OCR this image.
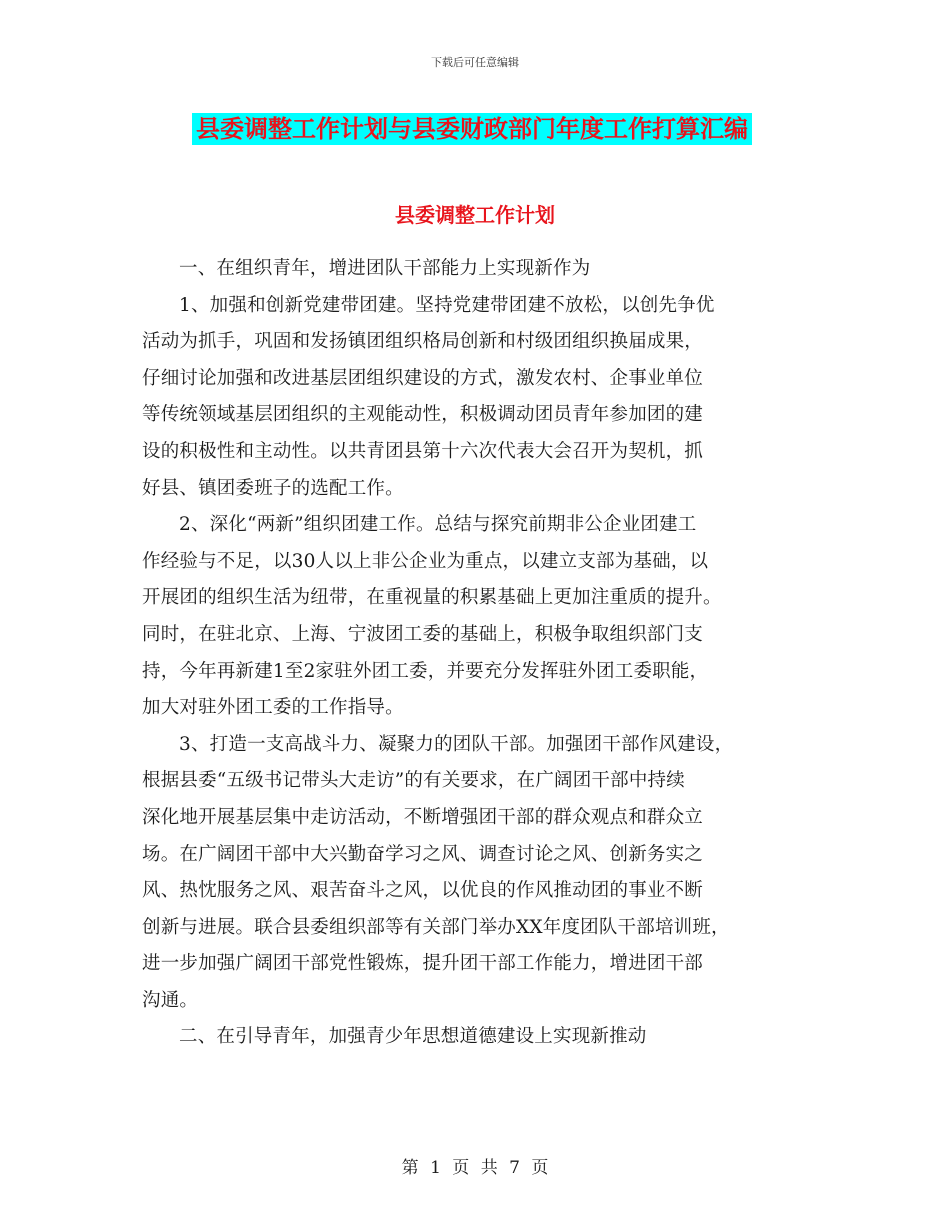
下载后可任意编辑
县委调整工作计划与县委财政部门年度工作打算汇编
县委调整工作计划
一、在组织青年，增进团队干部能力上实现新作为
1、加强和创新党建带团建。坚持党建带团建不放松，以创先争优
活动为抓手，巩固和发扬镇团组织格局创新和村级团组织换届成果，
仔细讨论加强和改进基层团组织建设的方式，激发农村、企事业单位
等传统领域基层团组织的主观能动性，积极调动团员青年参加团的建
设的积极性和主动性。以共青团县第十六次代表大会召开为契机，抓
好县、镇团委班子的选配工作。
2、深化“两新”组织团建工作。总结与探究前期非公企业团建工
作经验与不足，以30人以上非公企业为重点，以建立支部为基础，以
开展团的组织生活为纽带，在重视量的积累基础上更加注重质的提升。
同时，在驻北京、上海、宁波团工委的基础上，积极争取组织部门支
持，今年再新建1至2家驻外团工委，并要充分发挥驻外团工委职能，
加大对驻外团工委的工作指导。
3、打造一支高战斗力、凝聚力的团队干部。加强团干部作风建设，
根据县委“五级书记带头大走访”的有关要求，在广阔团干部中持续
深化地开展基层集中走访活动，不断增强团干部的群众观点和群众立
场。在广阔团干部中大兴勤奋学习之风、调查讨论之风、创新务实之
风、热忱服务之风、艰苦奋斗之风，以优良的作风推动团的事业不断
创新与进展。联合县委组织部等有关部门举办XX年度团队干部培训班，
进一步加强广阔团干部党性锻炼，提升团干部工作能力，增进团干部
沟通。
二、在引导青年，加强青少年思想道德建设上实现新推动
第 1 页 共 7 页
